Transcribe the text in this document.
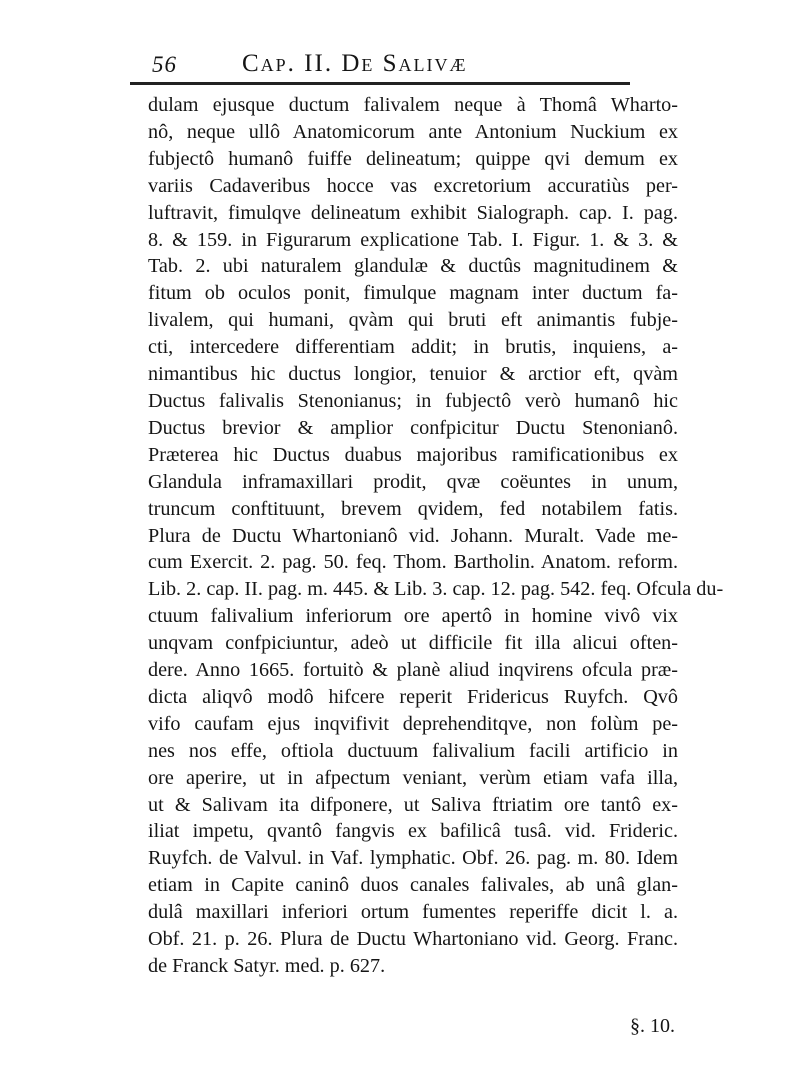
56	Cap. II. De Salivæ
dulam ejusque ductum falivalem neque à Thomâ Wharto-
nô, neque ullô Anatomicorum ante Antonium Nuckium ex
fubjectô humanô fuiffe delineatum; quippe qvi demum ex
variis Cadaveribus hocce vas excretorium accuratiùs per-
luftravit, fimulqve delineatum exhibit Sialograph. cap. I. pag.
8. & 159. in Figurarum explicatione Tab. I. Figur. 1. & 3. &
Tab. 2. ubi naturalem glandulæ & ductûs magnitudinem &
fitum ob oculos ponit, fimulque magnam inter ductum fa-
livalem, qui humani, qvàm qui bruti eft animantis fubje-
cti, intercedere differentiam addit; in brutis, inquiens, a-
nimantibus hic ductus longior, tenuior & arctior eft, qvàm
Ductus falivalis Stenonianus; in fubjectô verò humanô hic
Ductus brevior & amplior confpicitur Ductu Stenonianô.
Præterea hic Ductus duabus majoribus ramificationibus ex
Glandula inframaxillari prodit, qvæ coëuntes in unum,
truncum conftituunt, brevem qvidem, fed notabilem fatis.
Plura de Ductu Whartonianô vid. Johann. Muralt. Vade me-
cum Exercit. 2. pag. 50. feq. Thom. Bartholin. Anatom. reform.
Lib. 2. cap. II. pag. m. 445. & Lib. 3. cap. 12. pag. 542. feq. Ofcula du-
ctuum falivalium inferiorum ore apertô in homine vivô vix
unqvam confpiciuntur, adeò ut difficile fit illa alicui often-
dere. Anno 1665. fortuitò & planè aliud inqvirens ofcula præ-
dicta aliqvô modô hifcere reperit Fridericus Ruyfch. Qvô
vifo caufam ejus inqvifivit deprehenditqve, non folùm pe-
nes nos effe, oftiola ductuum falivalium facili artificio in
ore aperire, ut in afpectum veniant, verùm etiam vafa illa,
ut & Salivam ita difponere, ut Saliva ftriatim ore tantô ex-
iliat impetu, qvantô fangvis ex bafilicâ tusâ. vid. Frideric.
Ruyfch. de Valvul. in Vaf. lymphatic. Obf. 26. pag. m. 80. Idem
etiam in Capite caninô duos canales falivales, ab unâ glan-
dulâ maxillari inferiori ortum fumentes reperiffe dicit l. a.
Obf. 21. p. 26. Plura de Ductu Whartoniano vid. Georg. Franc.
de Franck Satyr. med. p. 627.
§. 10.
